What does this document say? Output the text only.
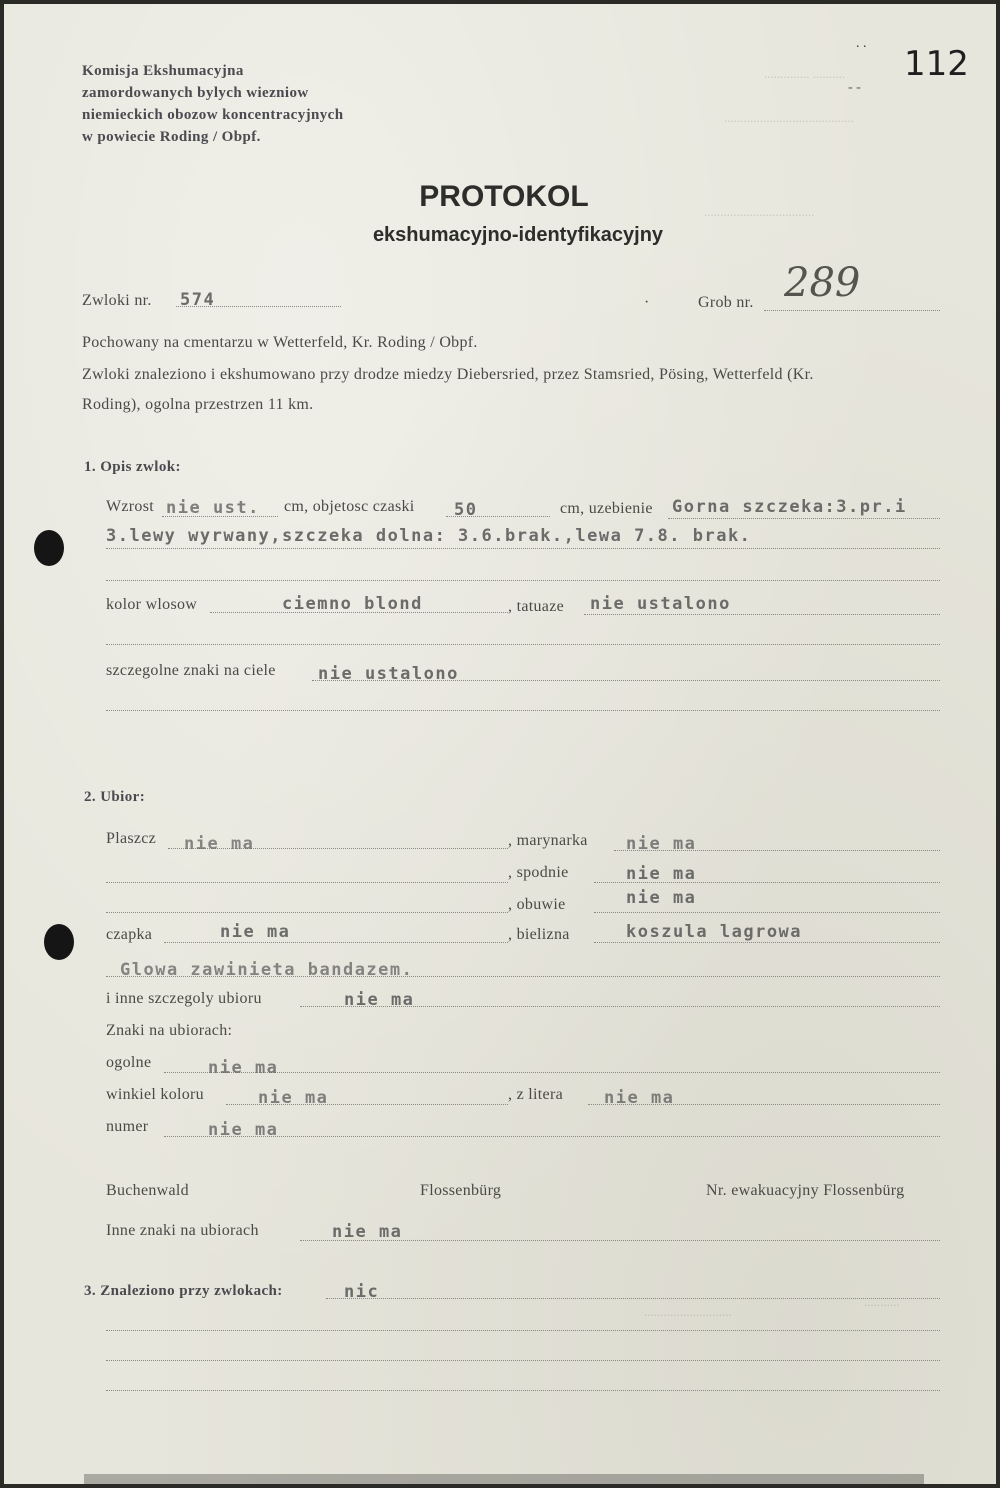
112
. .
- -
.............. ..........
........................................
..................................
Komisja Ekshumacyjna
zamordowanych bylych wiezniow
niemieckich obozow koncentracyjnych
w powiecie Roding / Obpf.
PROTOKOL
ekshumacyjno-identyfikacyjny
Zwloki nr. 574	·	Grob nr. 289
Pochowany na cmentarzu w Wetterfeld, Kr. Roding / Obpf.
Zwloki znaleziono i ekshumowano przy drodze miedzy Diebersried, przez Stamsried, Pösing, Wetterfeld (Kr.
Roding), ogolna przestrzen 11 km.
1. Opis zwlok:
Wzrost nie ust. cm, objetosc czaski 50	cm, uzebienie Gorna szczeka:3.pr.i
3.lewy wyrwany,szczeka dolna: 3.6.brak.,lewa 7.8. brak.
kolor wlosow	ciemno blond	, tatuaze nie ustalono
szczegolne znaki na ciele nie ustalono
2. Ubior:
Plaszcz nie ma	, marynarka nie ma
, spodnie	nie ma
, obuwie	nie ma
czapka	nie ma	, bielizna	koszula lagrowa
Glowa zawinieta bandazem.
i inne szczegoly ubioru	nie ma
Znaki na ubiorach:
ogolne	nie ma
winkiel koloru	nie ma	, z litera nie ma
numer	nie ma
Buchenwald	Flossenbürg	Nr. ewakuacyjny Flossenbürg
Inne znaki na ubiorach	nie ma
3. Znaleziono przy zwlokach:	nic
...........................
...........
